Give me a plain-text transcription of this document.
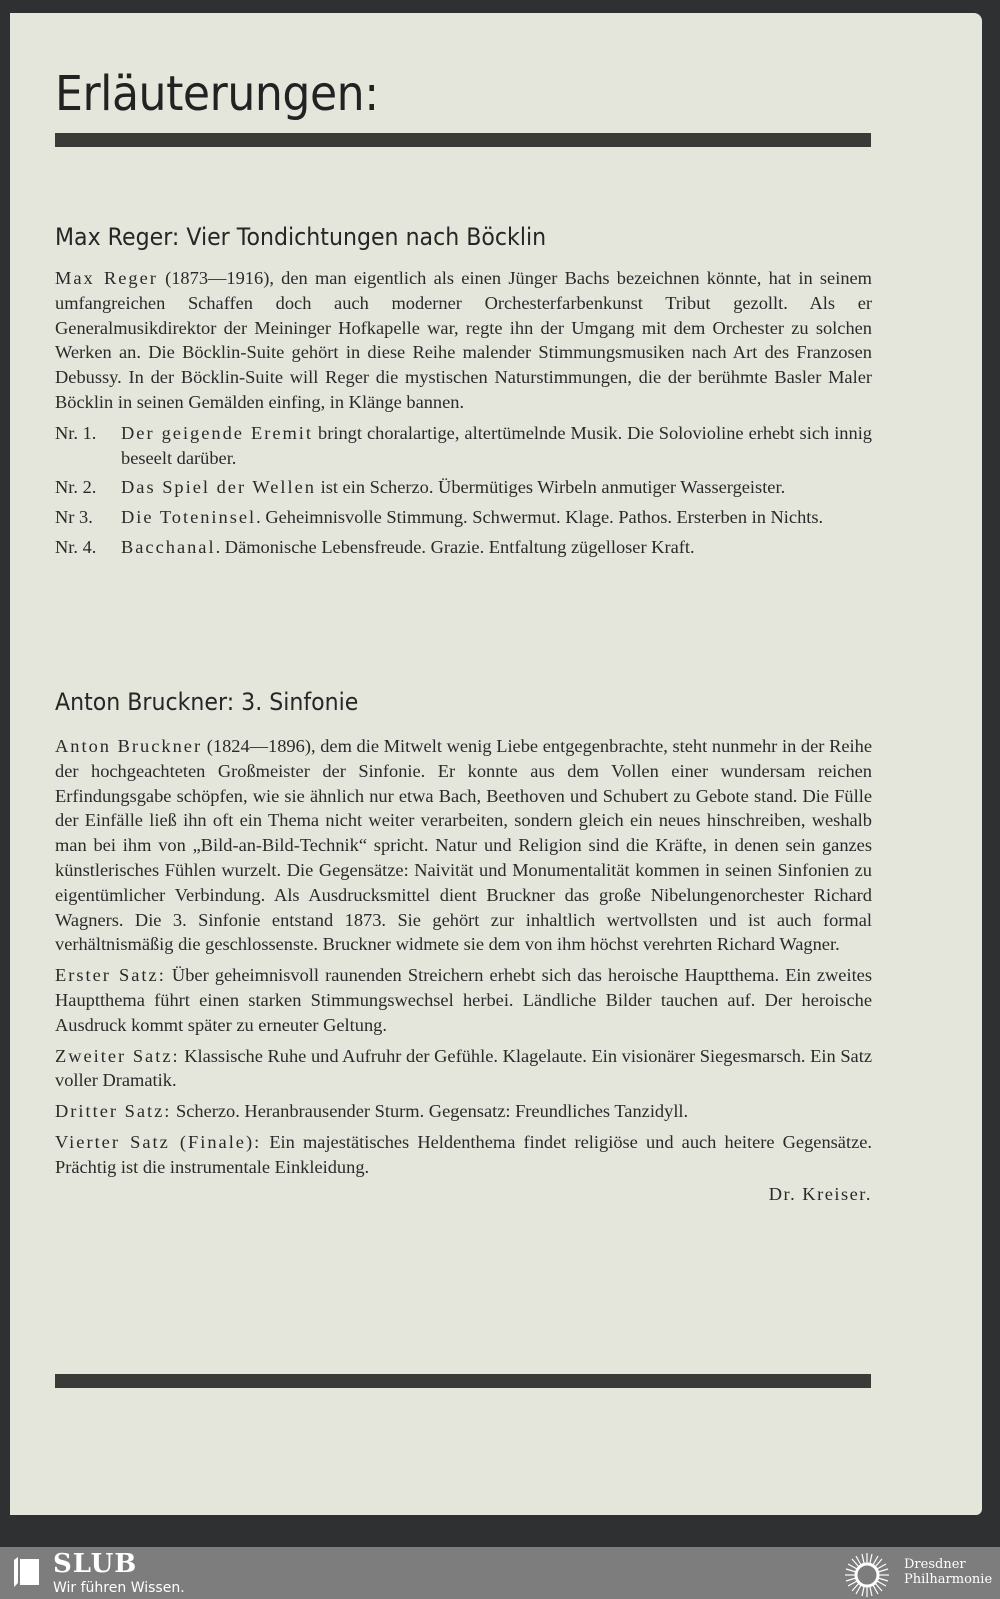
Erläuterungen:
Max Reger: Vier Tondichtungen nach Böcklin

Max Reger (1873—1916), den man eigentlich als einen Jünger Bachs bezeichnen könnte, hat in seinem umfangreichen Schaffen doch auch moderner Orchesterfarbenkunst Tribut gezollt. Als er Generalmusikdirektor der Meininger Hofkapelle war, regte ihn der Umgang mit dem Orchester zu solchen Werken an. Die Böcklin-Suite gehört in diese Reihe malender Stimmungsmusiken nach Art des Franzosen Debussy. In der Böcklin-Suite will Reger die mystischen Naturstimmungen, die der berühmte Basler Maler Böcklin in seinen Gemälden einfing, in Klänge bannen.

Nr. 1.	Der geigende Eremit bringt choralartige, altertümelnde Musik. Die Solovioline erhebt sich innig beseelt darüber.
Nr. 2.	Das Spiel der Wellen ist ein Scherzo. Übermütiges Wirbeln anmutiger Wassergeister.
Nr 3.	Die Toteninsel. Geheimnisvolle Stimmung. Schwermut. Klage. Pathos. Ersterben in Nichts.
Nr. 4.	Bacchanal. Dämonische Lebensfreude. Grazie. Entfaltung zügelloser Kraft.
Anton Bruckner: 3. Sinfonie

Anton Bruckner (1824—1896), dem die Mitwelt wenig Liebe entgegenbrachte, steht nunmehr in der Reihe der hochgeachteten Großmeister der Sinfonie. Er konnte aus dem Vollen einer wundersam reichen Erfindungsgabe schöpfen, wie sie ähnlich nur etwa Bach, Beethoven und Schubert zu Gebote stand. Die Fülle der Einfälle ließ ihn oft ein Thema nicht weiter verarbeiten, sondern gleich ein neues hinschreiben, weshalb man bei ihm von „Bild-an-Bild-Technik“ spricht. Natur und Religion sind die Kräfte, in denen sein ganzes künstlerisches Fühlen wurzelt. Die Gegensätze: Naivität und Monumentalität kommen in seinen Sinfonien zu eigentümlicher Verbindung. Als Ausdrucksmittel dient Bruckner das große Nibelungenorchester Richard Wagners. Die 3. Sinfonie entstand 1873. Sie gehört zur inhaltlich wertvollsten und ist auch formal verhältnismäßig die geschlossenste. Bruckner widmete sie dem von ihm höchst verehrten Richard Wagner.

Erster Satz: Über geheimnisvoll raunenden Streichern erhebt sich das heroische Hauptthema. Ein zweites Hauptthema führt einen starken Stimmungswechsel herbei. Ländliche Bilder tauchen auf. Der heroische Ausdruck kommt später zu erneuter Geltung.

Zweiter Satz: Klassische Ruhe und Aufruhr der Gefühle. Klagelaute. Ein visionärer Siegesmarsch. Ein Satz voller Dramatik.

Dritter Satz: Scherzo. Heranbrausender Sturm. Gegensatz: Freundliches Tanzidyll.

Vierter Satz (Finale): Ein majestätisches Heldenthema findet religiöse und auch heitere Gegensätze. Prächtig ist die instrumentale Einkleidung.

Dr. Kreiser.
SLUB
Wir führen Wissen.
Dresdner
Philharmonie
